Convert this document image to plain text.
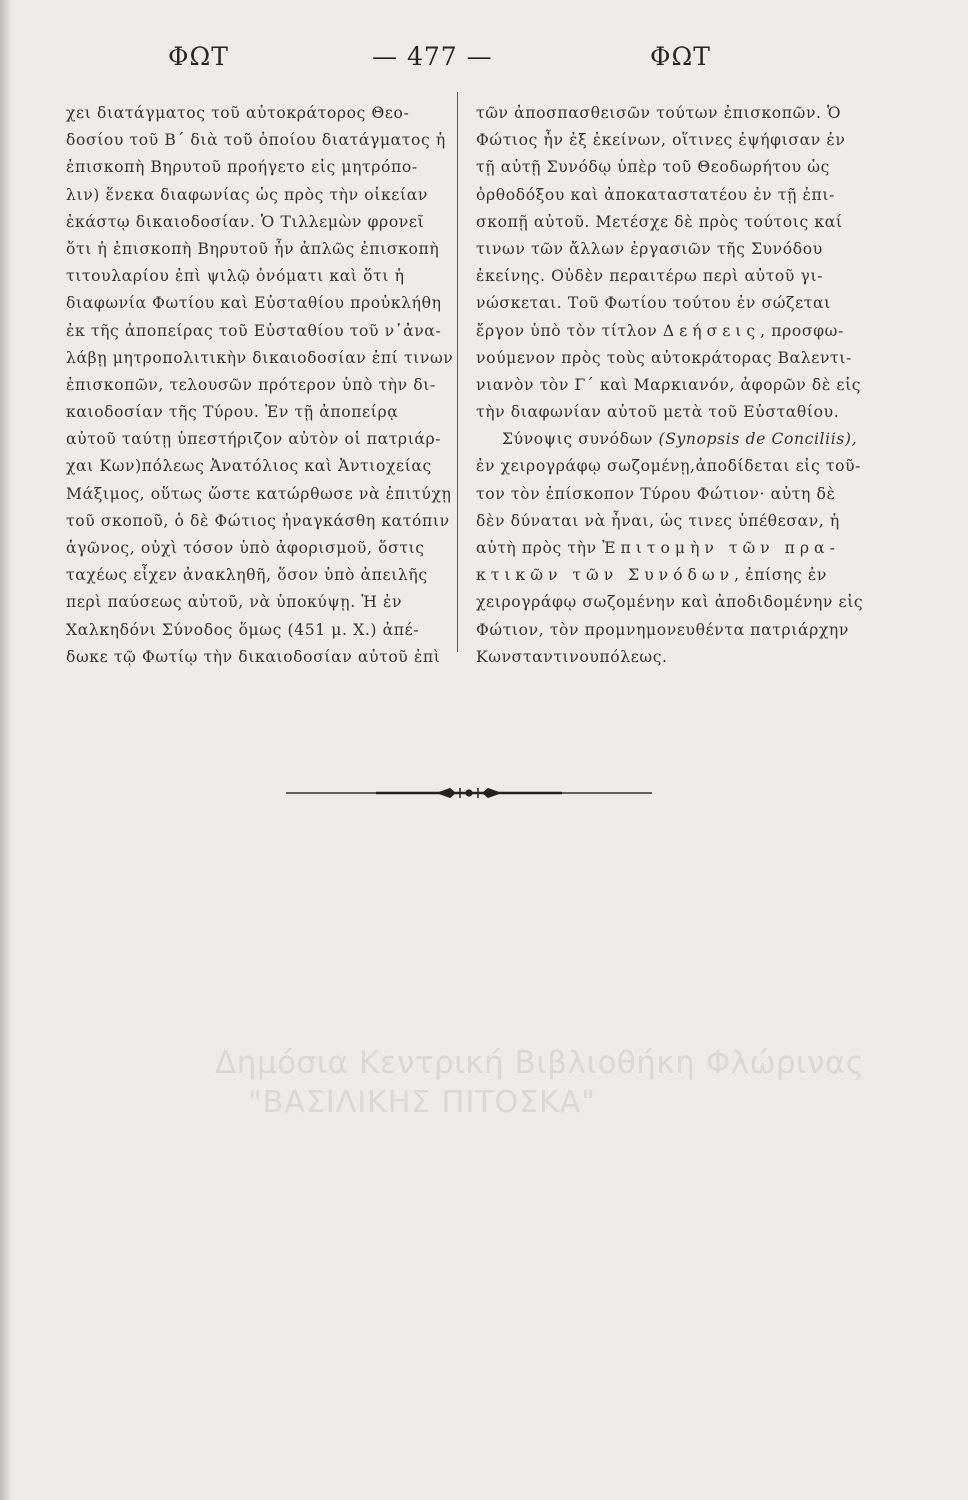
ΦΩΤ	— 477 —	ΦΩΤ
χει διατάγματος τοῦ αὐτοκράτορος Θεο-
δοσίου τοῦ Β΄ διὰ τοῦ ὁποίου διατάγματος ἡ
ἐπισκοπὴ Βηρυτοῦ προήγετο εἰς μητρόπο-
λιν) ἕνεκα διαφωνίας ὡς πρὸς τὴν οἰκείαν
ἑκάστῳ δικαιοδοσίαν. Ὁ Τιλλεμὼν φρονεῖ
ὅτι ἡ ἐπισκοπὴ Βηρυτοῦ ἦν ἁπλῶς ἐπισκοπὴ
τιτουλαρίου ἐπὶ ψιλῷ ὀνόματι καὶ ὅτι ἡ
διαφωνία Φωτίου καὶ Εὐσταθίου προὐκλήθη
ἐκ τῆς ἀποπείρας τοῦ Εὐσταθίου τοῦ ν᾽ἀνα-
λάβῃ μητροπολιτικὴν δικαιοδοσίαν ἐπί τινων
ἐπισκοπῶν, τελουσῶν πρότερον ὑπὸ τὴν δι-
καιοδοσίαν τῆς Τύρου. Ἐν τῇ ἀποπείρᾳ
αὐτοῦ ταύτῃ ὑπεστήριζον αὐτὸν οἱ πατριάρ-
χαι Κων)πόλεως Ἀνατόλιος καὶ Ἀντιοχείας
Μάξιμος, οὕτως ὥστε κατώρθωσε νὰ ἐπιτύχῃ
τοῦ σκοποῦ, ὁ δὲ Φώτιος ἠναγκάσθη κατόπιν
ἀγῶνος, οὐχὶ τόσον ὑπὸ ἀφορισμοῦ, ὅστις
ταχέως εἶχεν ἀνακληθῆ, ὅσον ὑπὸ ἀπειλῆς
περὶ παύσεως αὐτοῦ, νὰ ὑποκύψῃ. Ἡ ἐν
Χαλκηδόνι Σύνοδος ὅμως (451 μ. Χ.) ἀπέ-
δωκε τῷ Φωτίῳ τὴν δικαιοδοσίαν αὐτοῦ ἐπὶ
τῶν ἀποσπασθεισῶν τούτων ἐπισκοπῶν. Ὁ
Φώτιος ἦν ἐξ ἐκείνων, οἵτινες ἐψήφισαν ἐν
τῇ αὐτῇ Συνόδῳ ὑπὲρ τοῦ Θεοδωρήτου ὡς
ὀρθοδόξου καὶ ἀποκαταστατέου ἐν τῇ ἐπι-
σκοπῇ αὐτοῦ. Μετέσχε δὲ πρὸς τούτοις καί
τινων τῶν ἄλλων ἐργασιῶν τῆς Συνόδου
ἐκείνης. Οὐδὲν περαιτέρω περὶ αὐτοῦ γι-
νώσκεται. Τοῦ Φωτίου τούτου ἐν σώζεται
ἔργον ὑπὸ τὸν τίτλον Δεήσεις, προσφω-
νούμενον πρὸς τοὺς αὐτοκράτορας Βαλεντι-
νιανὸν τὸν Γ΄ καὶ Μαρκιανόν, ἀφορῶν δὲ εἰς
τὴν διαφωνίαν αὐτοῦ μετὰ τοῦ Εὐσταθίου.
Σύνοψις συνόδων (Synopsis de Conciliis),
ἐν χειρογράφῳ σωζομένῃ,ἀποδίδεται εἰς τοῦ-
τον τὸν ἐπίσκοπον Τύρου Φώτιον· αὐτη δὲ
δὲν δύναται νὰ ἦναι, ὡς τινες ὑπέθεσαν, ἡ
αὐτὴ πρὸς τὴν Ἐπιτομὴν τῶν πρα-
κτικῶν τῶν Συνόδων, ἐπίσης ἐν
χειρογράφῳ σωζομένην καὶ ἀποδιδομένην εἰς
Φώτιον, τὸν προμνημονευθέντα πατριάρχην
Κωνσταντινουπόλεως.
Δημόσια Κεντρική Βιβλιοθήκη Φλώρινας
"ΒΑΣΙΛΙΚΗΣ ΠΙΤΟΣΚΑ"
